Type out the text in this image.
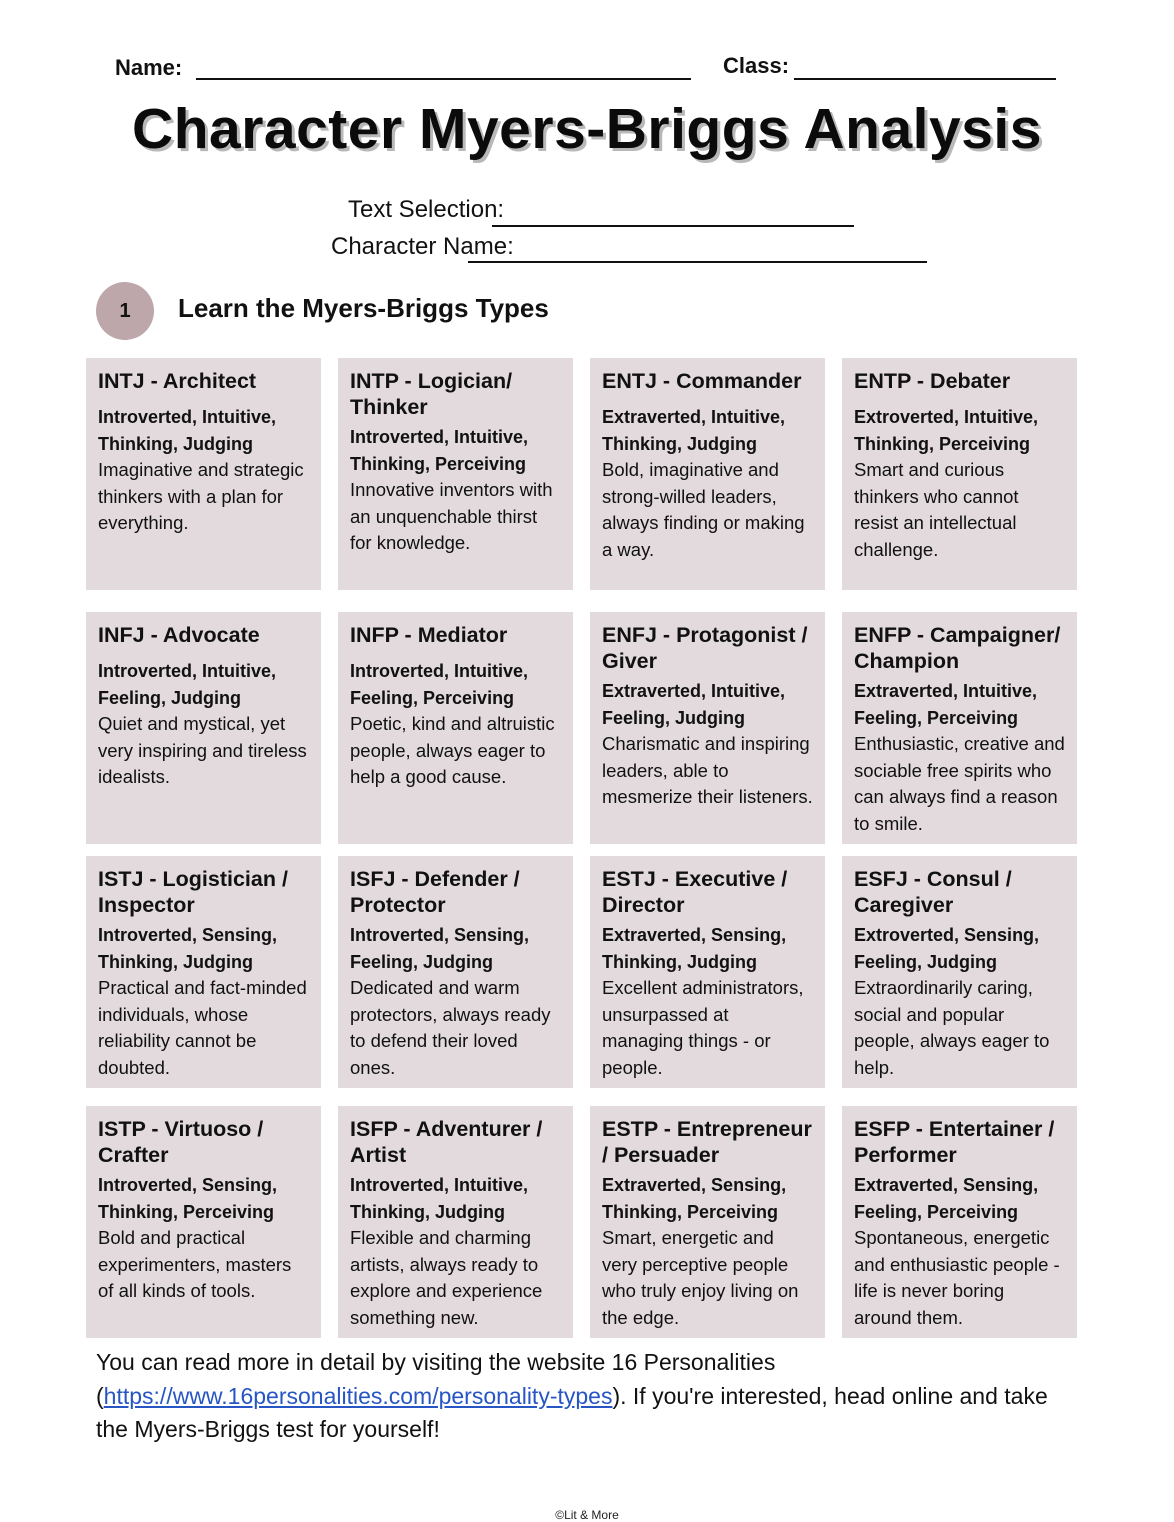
Name:	Class:
Character Myers-Briggs Analysis
Text Selection:
Character Name:
1 Learn the Myers-Briggs Types
INTJ - Architect
Introverted, Intuitive, Thinking, Judging
Imaginative and strategic thinkers with a plan for everything.
INTP - Logician/ Thinker
Introverted, Intuitive, Thinking, Perceiving
Innovative inventors with an unquenchable thirst for knowledge.
ENTJ - Commander
Extraverted, Intuitive, Thinking, Judging
Bold, imaginative and strong-willed leaders, always finding or making a way.
ENTP - Debater
Extroverted, Intuitive, Thinking, Perceiving
Smart and curious thinkers who cannot resist an intellectual challenge.
INFJ - Advocate
Introverted, Intuitive, Feeling, Judging
Quiet and mystical, yet very inspiring and tireless idealists.
INFP - Mediator
Introverted, Intuitive, Feeling, Perceiving
Poetic, kind and altruistic people, always eager to help a good cause.
ENFJ - Protagonist / Giver
Extraverted, Intuitive, Feeling, Judging
Charismatic and inspiring leaders, able to mesmerize their listeners.
ENFP - Campaigner/ Champion
Extraverted, Intuitive, Feeling, Perceiving
Enthusiastic, creative and sociable free spirits who can always find a reason to smile.
ISTJ - Logistician / Inspector
Introverted, Sensing, Thinking, Judging
Practical and fact-minded individuals, whose reliability cannot be doubted.
ISFJ - Defender / Protector
Introverted, Sensing, Feeling, Judging
Dedicated and warm protectors, always ready to defend their loved ones.
ESTJ - Executive / Director
Extraverted, Sensing, Thinking, Judging
Excellent administrators, unsurpassed at managing things - or people.
ESFJ - Consul / Caregiver
Extroverted, Sensing, Feeling, Judging
Extraordinarily caring, social and popular people, always eager to help.
ISTP - Virtuoso / Crafter
Introverted, Sensing, Thinking, Perceiving
Bold and practical experimenters, masters of all kinds of tools.
ISFP - Adventurer / Artist
Introverted, Intuitive, Thinking, Judging
Flexible and charming artists, always ready to explore and experience something new.
ESTP - Entrepreneur / Persuader
Extraverted, Sensing, Thinking, Perceiving
Smart, energetic and very perceptive people who truly enjoy living on the edge.
ESFP - Entertainer / Performer
Extraverted, Sensing, Feeling, Perceiving
Spontaneous, energetic and enthusiastic people - life is never boring around them.
You can read more in detail by visiting the website 16 Personalities (https://www.16personalities.com/personality-types). If you're interested, head online and take the Myers-Briggs test for yourself!
©Lit & More
